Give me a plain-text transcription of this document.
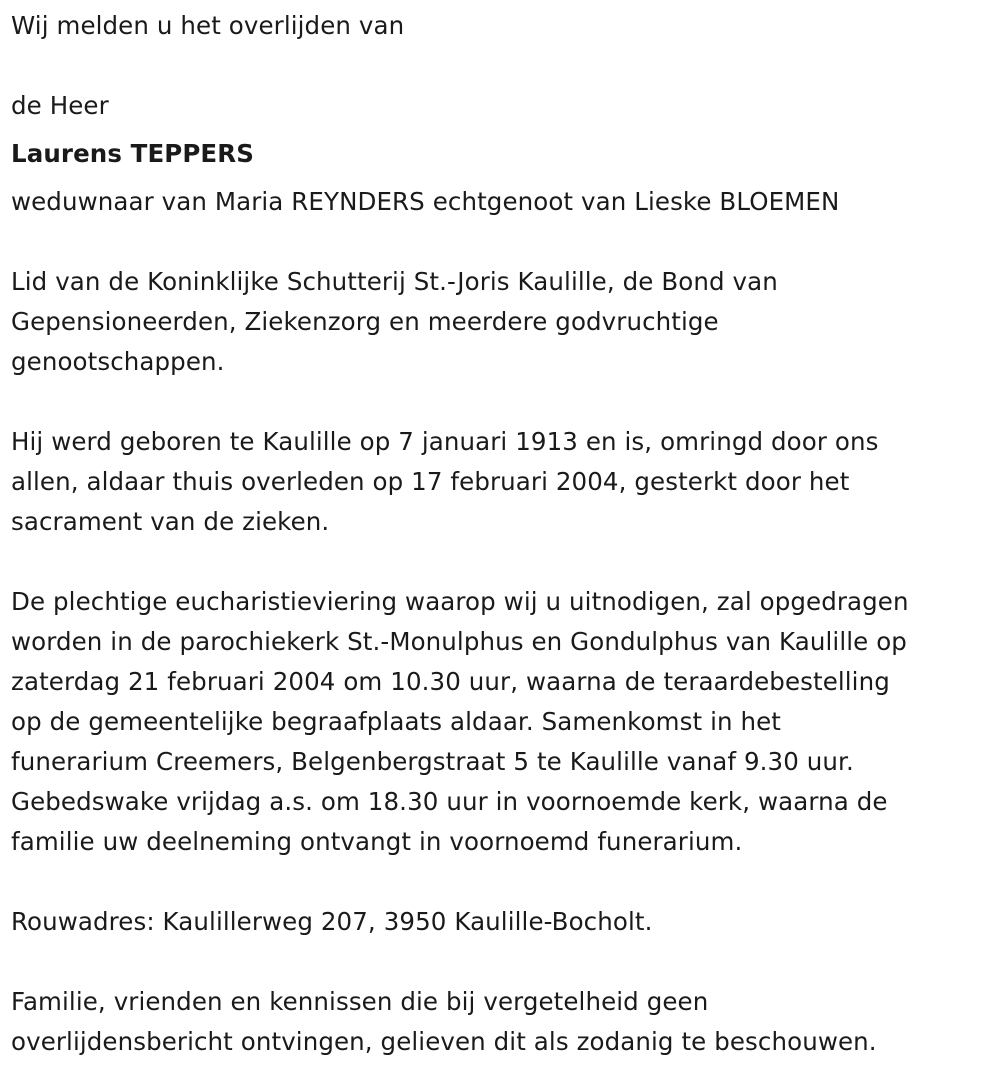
Wij melden u het overlijden van
de Heer
Laurens TEPPERS
weduwnaar van Maria REYNDERS echtgenoot van Lieske BLOEMEN
Lid van de Koninklijke Schutterij St.-Joris Kaulille, de Bond van
Gepensioneerden, Ziekenzorg en meerdere godvruchtige
genootschappen.
Hij werd geboren te Kaulille op 7 januari 1913 en is, omringd door ons
allen, aldaar thuis overleden op 17 februari 2004, gesterkt door het
sacrament van de zieken.
De plechtige eucharistieviering waarop wij u uitnodigen, zal opgedragen
worden in de parochiekerk St.-Monulphus en Gondulphus van Kaulille op
zaterdag 21 februari 2004 om 10.30 uur, waarna de teraardebestelling
op de gemeentelijke begraafplaats aldaar. Samenkomst in het
funerarium Creemers, Belgenbergstraat 5 te Kaulille vanaf 9.30 uur.
Gebedswake vrijdag a.s. om 18.30 uur in voornoemde kerk, waarna de
familie uw deelneming ontvangt in voornoemd funerarium.
Rouwadres: Kaulillerweg 207, 3950 Kaulille-Bocholt.
Familie, vrienden en kennissen die bij vergetelheid geen
overlijdensbericht ontvingen, gelieven dit als zodanig te beschouwen.
